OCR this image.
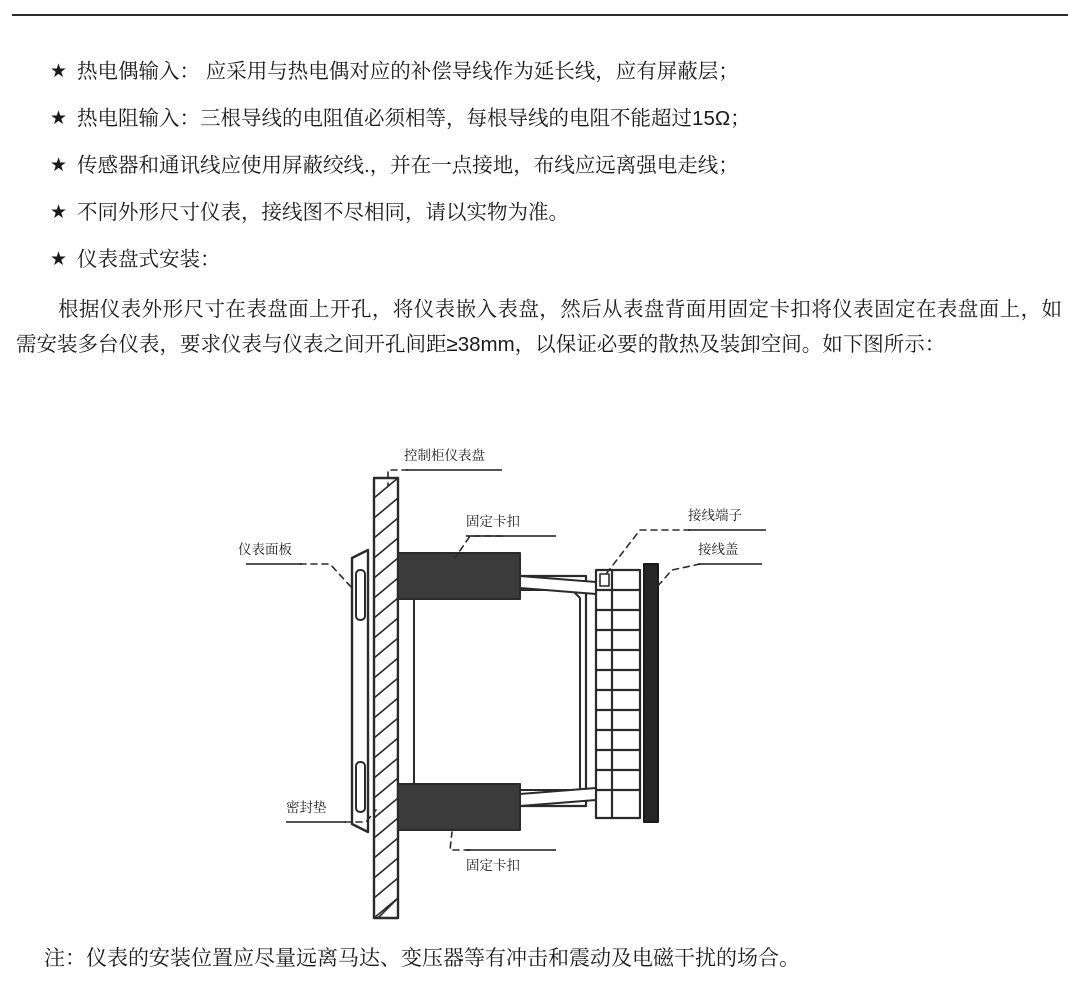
★ 热电偶输入： 应采用与热电偶对应的补偿导线作为延长线，应有屏蔽层；
★ 热电阻输入：三根导线的电阻值必须相等，每根导线的电阻不能超过15Ω；
★ 传感器和通讯线应使用屏蔽绞线.，并在一点接地，布线应远离强电走线；
★ 不同外形尺寸仪表，接线图不尽相同，请以实物为准。
★ 仪表盘式安装：
根据仪表外形尺寸在表盘面上开孔，将仪表嵌入表盘，然后从表盘背面用固定卡扣将仪表固定在表盘面上，如需安装多台仪表，要求仪表与仪表之间开孔间距≥38mm，以保证必要的散热及装卸空间。如下图所示：
控制柜仪表盘
固定卡扣
固定卡扣
接线端子
接线盖
仪表面板
密封垫
注：仪表的安装位置应尽量远离马达、变压器等有冲击和震动及电磁干扰的场合。
